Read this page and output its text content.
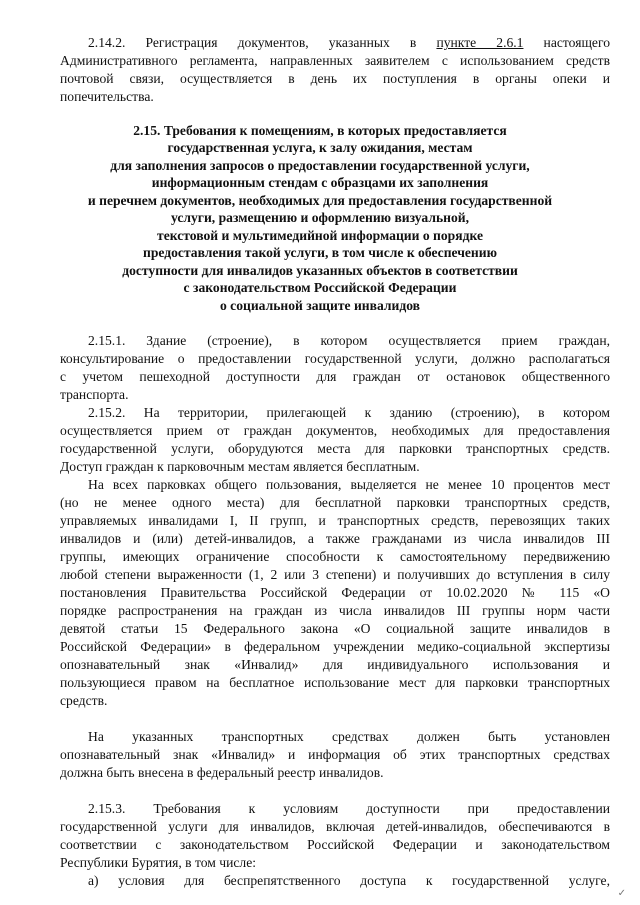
2.14.2. Регистрация документов, указанных в пункте 2.6.1 настоящего
Административного регламента, направленных заявителем с использованием средств
почтовой связи, осуществляется в день их поступления в органы опеки и
попечительства.
2.15. Требования к помещениям, в которых предоставляется
государственная услуга, к залу ожидания, местам
для заполнения запросов о предоставлении государственной услуги,
информационным стендам с образцами их заполнения
и перечнем документов, необходимых для предоставления государственной
услуги, размещению и оформлению визуальной,
текстовой и мультимедийной информации о порядке
предоставления такой услуги, в том числе к обеспечению
доступности для инвалидов указанных объектов в соответствии
с законодательством Российской Федерации
о социальной защите инвалидов
2.15.1. Здание (строение), в котором осуществляется прием граждан,
консультирование о предоставлении государственной услуги, должно располагаться
с учетом пешеходной доступности для граждан от остановок общественного
транспорта.
2.15.2. На территории, прилегающей к зданию (строению), в котором
осуществляется прием от граждан документов, необходимых для предоставления
государственной услуги, оборудуются места для парковки транспортных средств.
Доступ граждан к парковочным местам является бесплатным.
На всех парковках общего пользования, выделяется не менее 10 процентов мест
(но не менее одного места) для бесплатной парковки транспортных средств,
управляемых инвалидами I, II групп, и транспортных средств, перевозящих таких
инвалидов и (или) детей-инвалидов, а также гражданами из числа инвалидов III
группы, имеющих ограничение способности к самостоятельному передвижению
любой степени выраженности (1, 2 или 3 степени) и получивших до вступления в силу
постановления Правительства Российской Федерации от 10.02.2020 № 115 «О
порядке распространения на граждан из числа инвалидов III группы норм части
девятой статьи 15 Федерального закона «О социальной защите инвалидов в
Российской Федерации» в федеральном учреждении медико-социальной экспертизы
опознавательный знак «Инвалид» для индивидуального использования и
пользующиеся правом на бесплатное использование мест для парковки транспортных
средств.
На указанных транспортных средствах должен быть установлен
опознавательный знак «Инвалид» и информация об этих транспортных средствах
должна быть внесена в федеральный реестр инвалидов.
2.15.3. Требования к условиям доступности при предоставлении
государственной услуги для инвалидов, включая детей-инвалидов, обеспечиваются в
соответствии с законодательством Российской Федерации и законодательством
Республики Бурятия, в том числе:
а) условия для беспрепятственного доступа к государственной услуге,
✓
